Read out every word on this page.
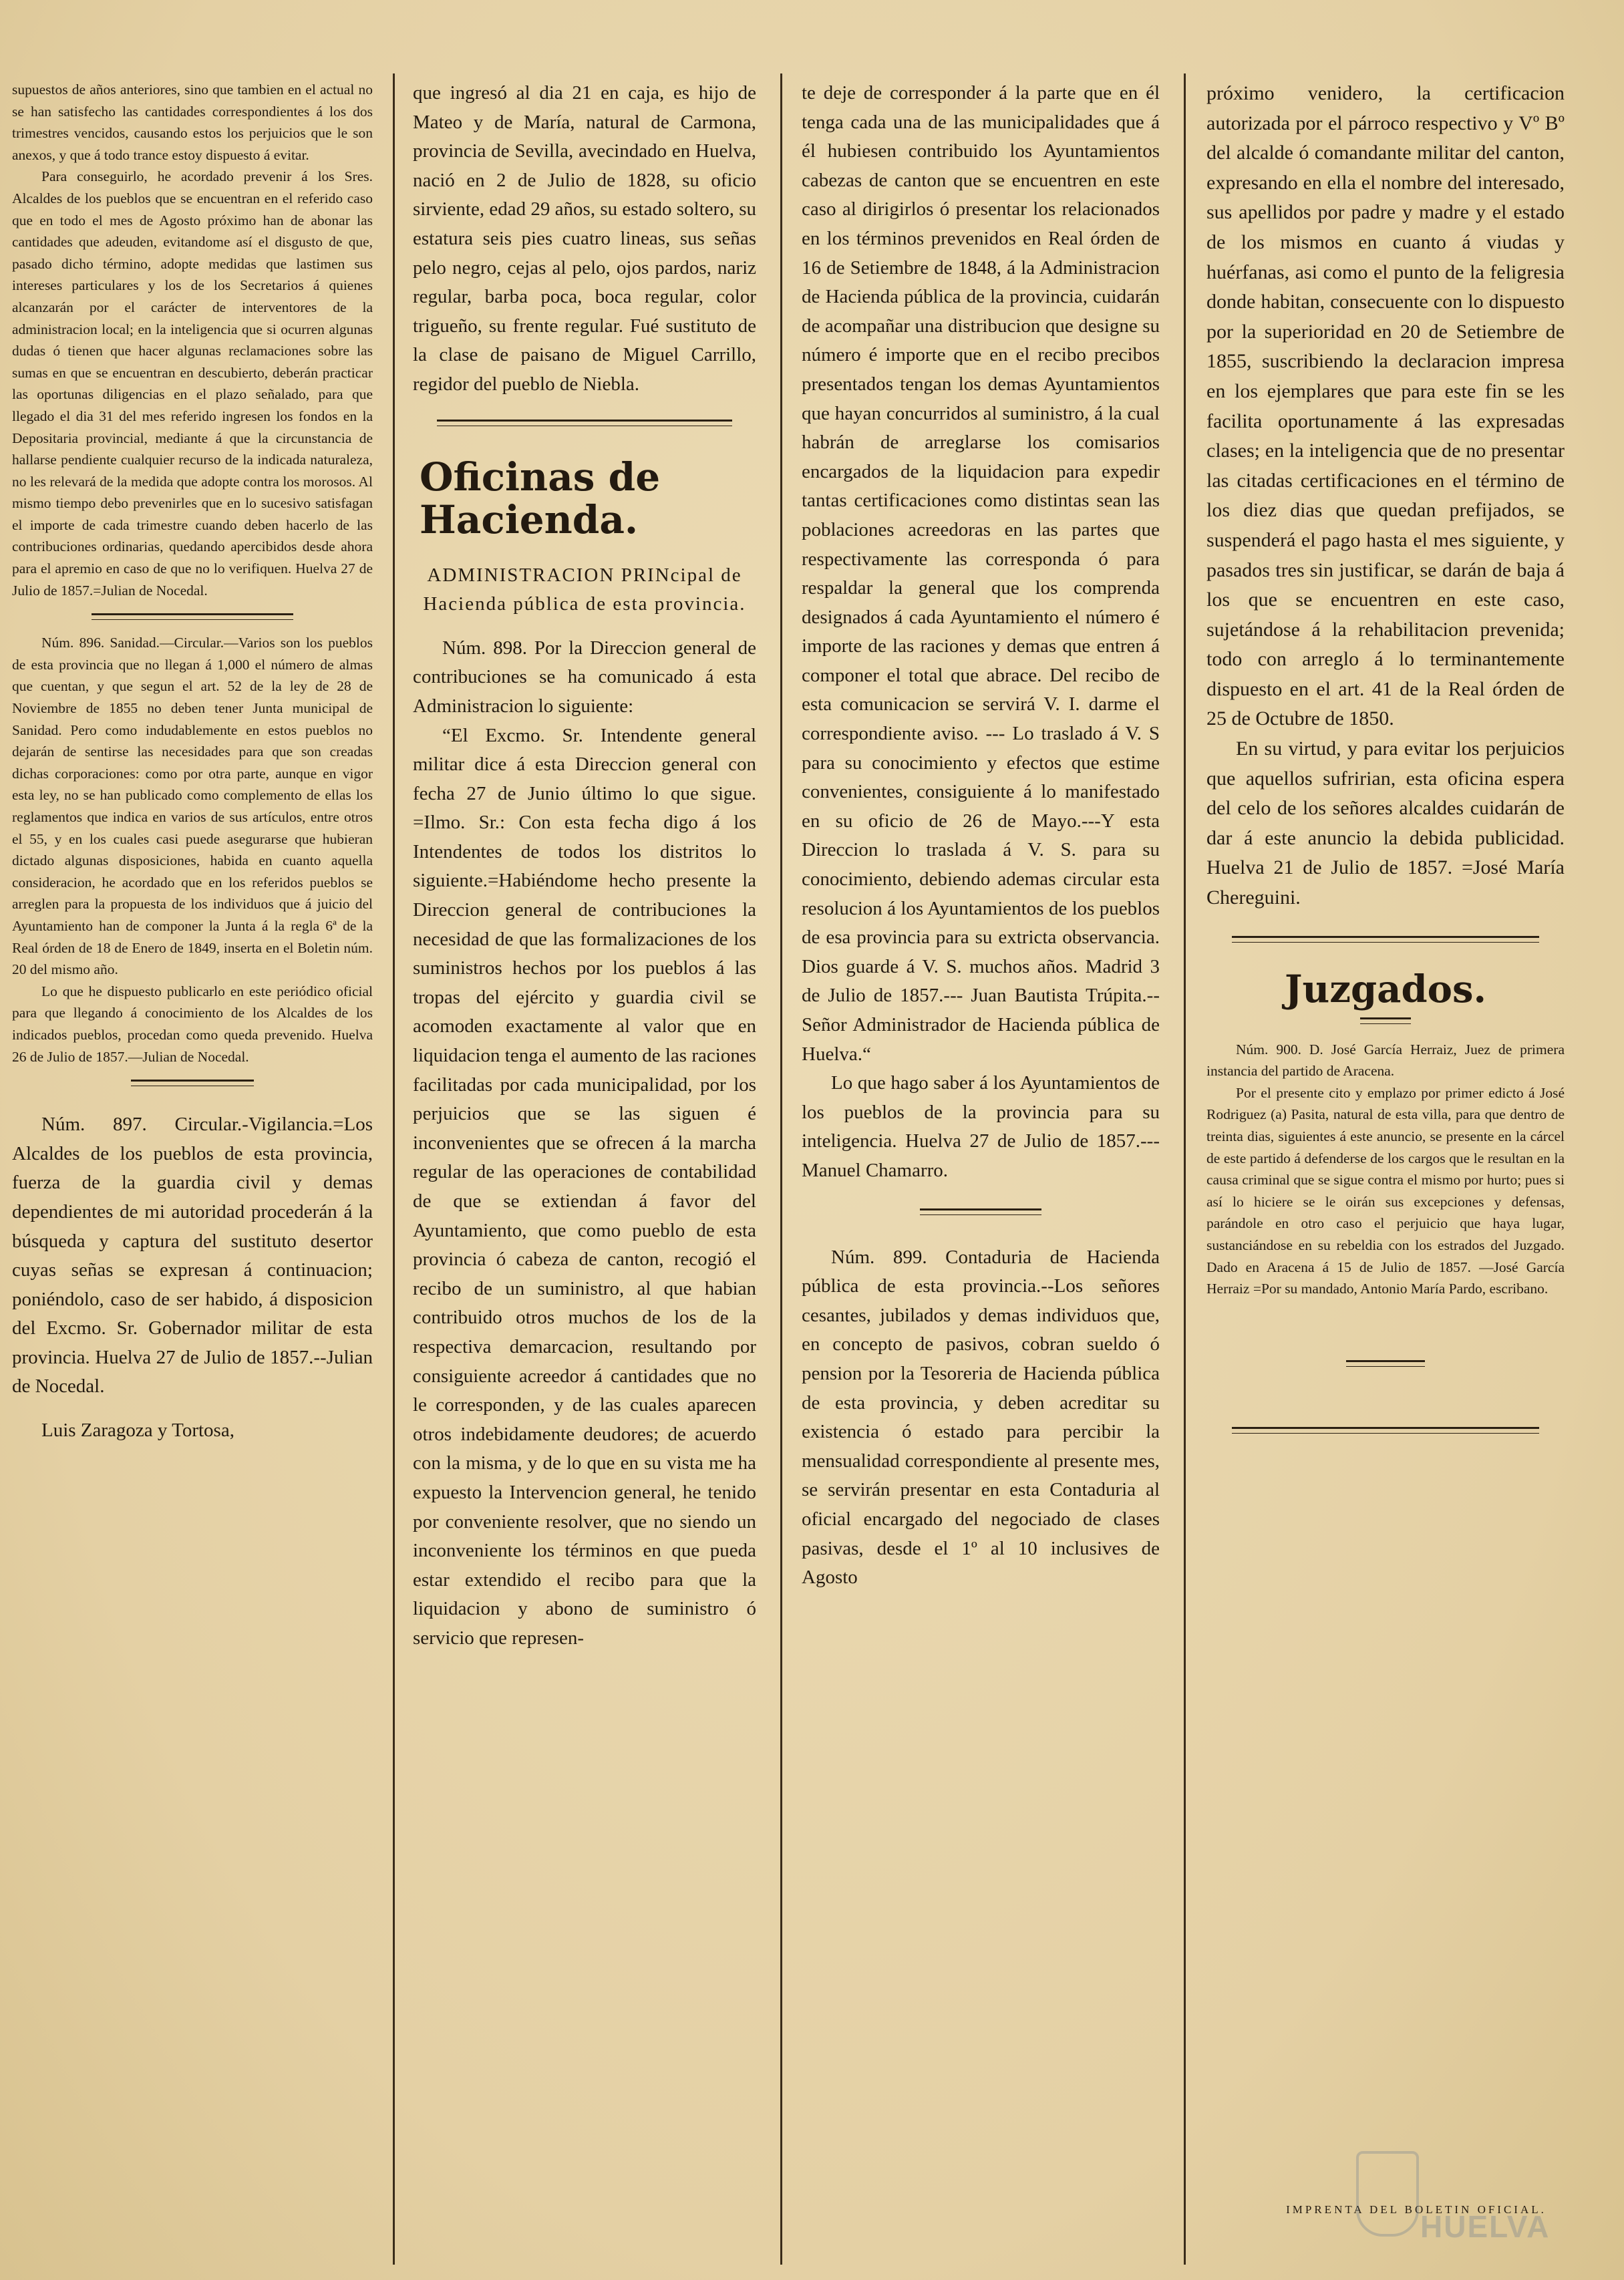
supuestos de años anteriores, sino que tambien en el actual no se han satisfecho las cantidades correspondientes á los dos trimestres vencidos, causando estos los perjuicios que le son anexos, y que á todo trance estoy dispuesto á evitar.

Para conseguirlo, he acordado prevenir á los Sres. Alcaldes de los pueblos que se encuentran en el referido caso que en todo el mes de Agosto próximo han de abonar las cantidades que adeuden, evitandome así el disgusto de que, pasado dicho término, adopte medidas que lastimen sus intereses particulares y los de los Secretarios á quienes alcanzarán por el carácter de interventores de la administracion local; en la inteligencia que si ocurren algunas dudas ó tienen que hacer algunas reclamaciones sobre las sumas en que se encuentran en descubierto, deberán practicar las oportunas diligencias en el plazo señalado, para que llegado el dia 31 del mes referido ingresen los fondos en la Depositaria provincial, mediante á que la circunstancia de hallarse pendiente cualquier recurso de la indicada naturaleza, no les relevará de la medida que adopte contra los morosos. Al mismo tiempo debo prevenirles que en lo sucesivo satisfagan el importe de cada trimestre cuando deben hacerlo de las contribuciones ordinarias, quedando apercibidos desde ahora para el apremio en caso de que no lo verifiquen. Huelva 27 de Julio de 1857.=Julian de Nocedal.

Núm. 896. Sanidad.—Circular.—Varios son los pueblos de esta provincia que no llegan á 1,000 el número de almas que cuentan, y que segun el art. 52 de la ley de 28 de Noviembre de 1855 no deben tener Junta municipal de Sanidad. Pero como indudablemente en estos pueblos no dejarán de sentirse las necesidades para que son creadas dichas corporaciones: como por otra parte, aunque en vigor esta ley, no se han publicado como complemento de ellas los reglamentos que indica en varios de sus artículos, entre otros el 55, y en los cuales casi puede asegurarse que hubieran dictado algunas disposiciones, habida en cuanto aquella consideracion, he acordado que en los referidos pueblos se arreglen para la propuesta de los individuos que á juicio del Ayuntamiento han de componer la Junta á la regla 6ª de la Real órden de 18 de Enero de 1849, inserta en el Boletin núm. 20 del mismo año.

Lo que he dispuesto publicarlo en este periódico oficial para que llegando á conocimiento de los Alcaldes de los indicados pueblos, procedan como queda prevenido. Huelva 26 de Julio de 1857.—Julian de Nocedal.

Núm. 897. Circular.-Vigilancia.=Los Alcaldes de los pueblos de esta provincia, fuerza de la guardia civil y demas dependientes de mi autoridad procederán á la búsqueda y captura del sustituto desertor cuyas señas se expresan á continuacion; poniéndolo, caso de ser habido, á disposicion del Excmo. Sr. Gobernador militar de esta provincia. Huelva 27 de Julio de 1857.--Julian de Nocedal.

Luis Zaragoza y Tortosa,

que ingresó al dia 21 en caja, es hijo de Mateo y de María, natural de Carmona, provincia de Sevilla, avecindado en Huelva, nació en 2 de Julio de 1828, su oficio sirviente, edad 29 años, su estado soltero, su estatura seis pies cuatro lineas, sus señas pelo negro, cejas al pelo, ojos pardos, nariz regular, barba poca, boca regular, color trigueño, su frente regular. Fué sustituto de la clase de paisano de Miguel Carrillo, regidor del pueblo de Niebla.

Oficinas de Hacienda.

ADMINISTRACION PRINcipal de Hacienda pública de esta provincia.

Núm. 898. Por la Direccion general de contribuciones se ha comunicado á esta Administracion lo siguiente:

“El Excmo. Sr. Intendente general militar dice á esta Direccion general con fecha 27 de Junio último lo que sigue. =Ilmo. Sr.: Con esta fecha digo á los Intendentes de todos los distritos lo siguiente.=Habiéndome hecho presente la Direccion general de contribuciones la necesidad de que las formalizaciones de los suministros hechos por los pueblos á las tropas del ejército y guardia civil se acomoden exactamente al valor que en liquidacion tenga el aumento de las raciones facilitadas por cada municipalidad, por los perjuicios que se las siguen é inconvenientes que se ofrecen á la marcha regular de las operaciones de contabilidad de que se extiendan á favor del Ayuntamiento, que como pueblo de esta provincia ó cabeza de canton, recogió el recibo de un suministro, al que habian contribuido otros muchos de los de la respectiva demarcacion, resultando por consiguiente acreedor á cantidades que no le corresponden, y de las cuales aparecen otros indebidamente deudores; de acuerdo con la misma, y de lo que en su vista me ha expuesto la Intervencion general, he tenido por conveniente resolver, que no siendo un inconveniente los términos en que pueda estar extendido el recibo para que la liquidacion y abono de suministro ó servicio que represen-

te deje de corresponder á la parte que en él tenga cada una de las municipalidades que á él hubiesen contribuido los Ayuntamientos cabezas de canton que se encuentren en este caso al dirigirlos ó presentar los relacionados en los términos prevenidos en Real órden de 16 de Setiembre de 1848, á la Administracion de Hacienda pública de la provincia, cuidarán de acompañar una distribucion que designe su número é importe que en el recibo precibos presentados tengan los demas Ayuntamientos que hayan concurridos al suministro, á la cual habrán de arreglarse los comisarios encargados de la liquidacion para expedir tantas certificaciones como distintas sean las poblaciones acreedoras en las partes que respectivamente las corresponda ó para respaldar la general que los comprenda designados á cada Ayuntamiento el número é importe de las raciones y demas que entren á componer el total que abrace. Del recibo de esta comunicacion se servirá V. I. darme el correspondiente aviso. --- Lo traslado á V. S para su conocimiento y efectos que estime convenientes, consiguiente á lo manifestado en su oficio de 26 de Mayo.---Y esta Direccion lo traslada á V. S. para su conocimiento, debiendo ademas circular esta resolucion á los Ayuntamientos de los pueblos de esa provincia para su extricta observancia. Dios guarde á V. S. muchos años. Madrid 3 de Julio de 1857.--- Juan Bautista Trúpita.--Señor Administrador de Hacienda pública de Huelva.“

Lo que hago saber á los Ayuntamientos de los pueblos de la provincia para su inteligencia. Huelva 27 de Julio de 1857.---Manuel Chamarro.

Núm. 899. Contaduria de Hacienda pública de esta provincia.--Los señores cesantes, jubilados y demas individuos que, en concepto de pasivos, cobran sueldo ó pension por la Tesoreria de Hacienda pública de esta provincia, y deben acreditar su existencia ó estado para percibir la mensualidad correspondiente al presente mes, se servirán presentar en esta Contaduria al oficial encargado del negociado de clases pasivas, desde el 1º al 10 inclusives de Agosto

próximo venidero, la certificacion autorizada por el párroco respectivo y Vº Bº del alcalde ó comandante militar del canton, expresando en ella el nombre del interesado, sus apellidos por padre y madre y el estado de los mismos en cuanto á viudas y huérfanas, asi como el punto de la feligresia donde habitan, consecuente con lo dispuesto por la superioridad en 20 de Setiembre de 1855, suscribiendo la declaracion impresa en los ejemplares que para este fin se les facilita oportunamente á las expresadas clases; en la inteligencia que de no presentar las citadas certificaciones en el término de los diez dias que quedan prefijados, se suspenderá el pago hasta el mes siguiente, y pasados tres sin justificar, se darán de baja á los que se encuentren en este caso, sujetándose á la rehabilitacion prevenida; todo con arreglo á lo terminantemente dispuesto en el art. 41 de la Real órden de 25 de Octubre de 1850.

En su virtud, y para evitar los perjuicios que aquellos sufririan, esta oficina espera del celo de los señores alcaldes cuidarán de dar á este anuncio la debida publicidad. Huelva 21 de Julio de 1857. =José María Chereguini.

Juzgados.

Núm. 900. D. José García Herraiz, Juez de primera instancia del partido de Aracena.

Por el presente cito y emplazo por primer edicto á José Rodriguez (a) Pasita, natural de esta villa, para que dentro de treinta dias, siguientes á este anuncio, se presente en la cárcel de este partido á defenderse de los cargos que le resultan en la causa criminal que se sigue contra el mismo por hurto; pues si así lo hiciere se le oirán sus excepciones y defensas, parándole en otro caso el perjuicio que haya lugar, sustanciándose en su rebeldia con los estrados del Juzgado. Dado en Aracena á 15 de Julio de 1857. —José García Herraiz =Por su mandado, Antonio María Pardo, escribano.

IMPRENTA DEL BOLETIN OFICIAL.
HUELVA
